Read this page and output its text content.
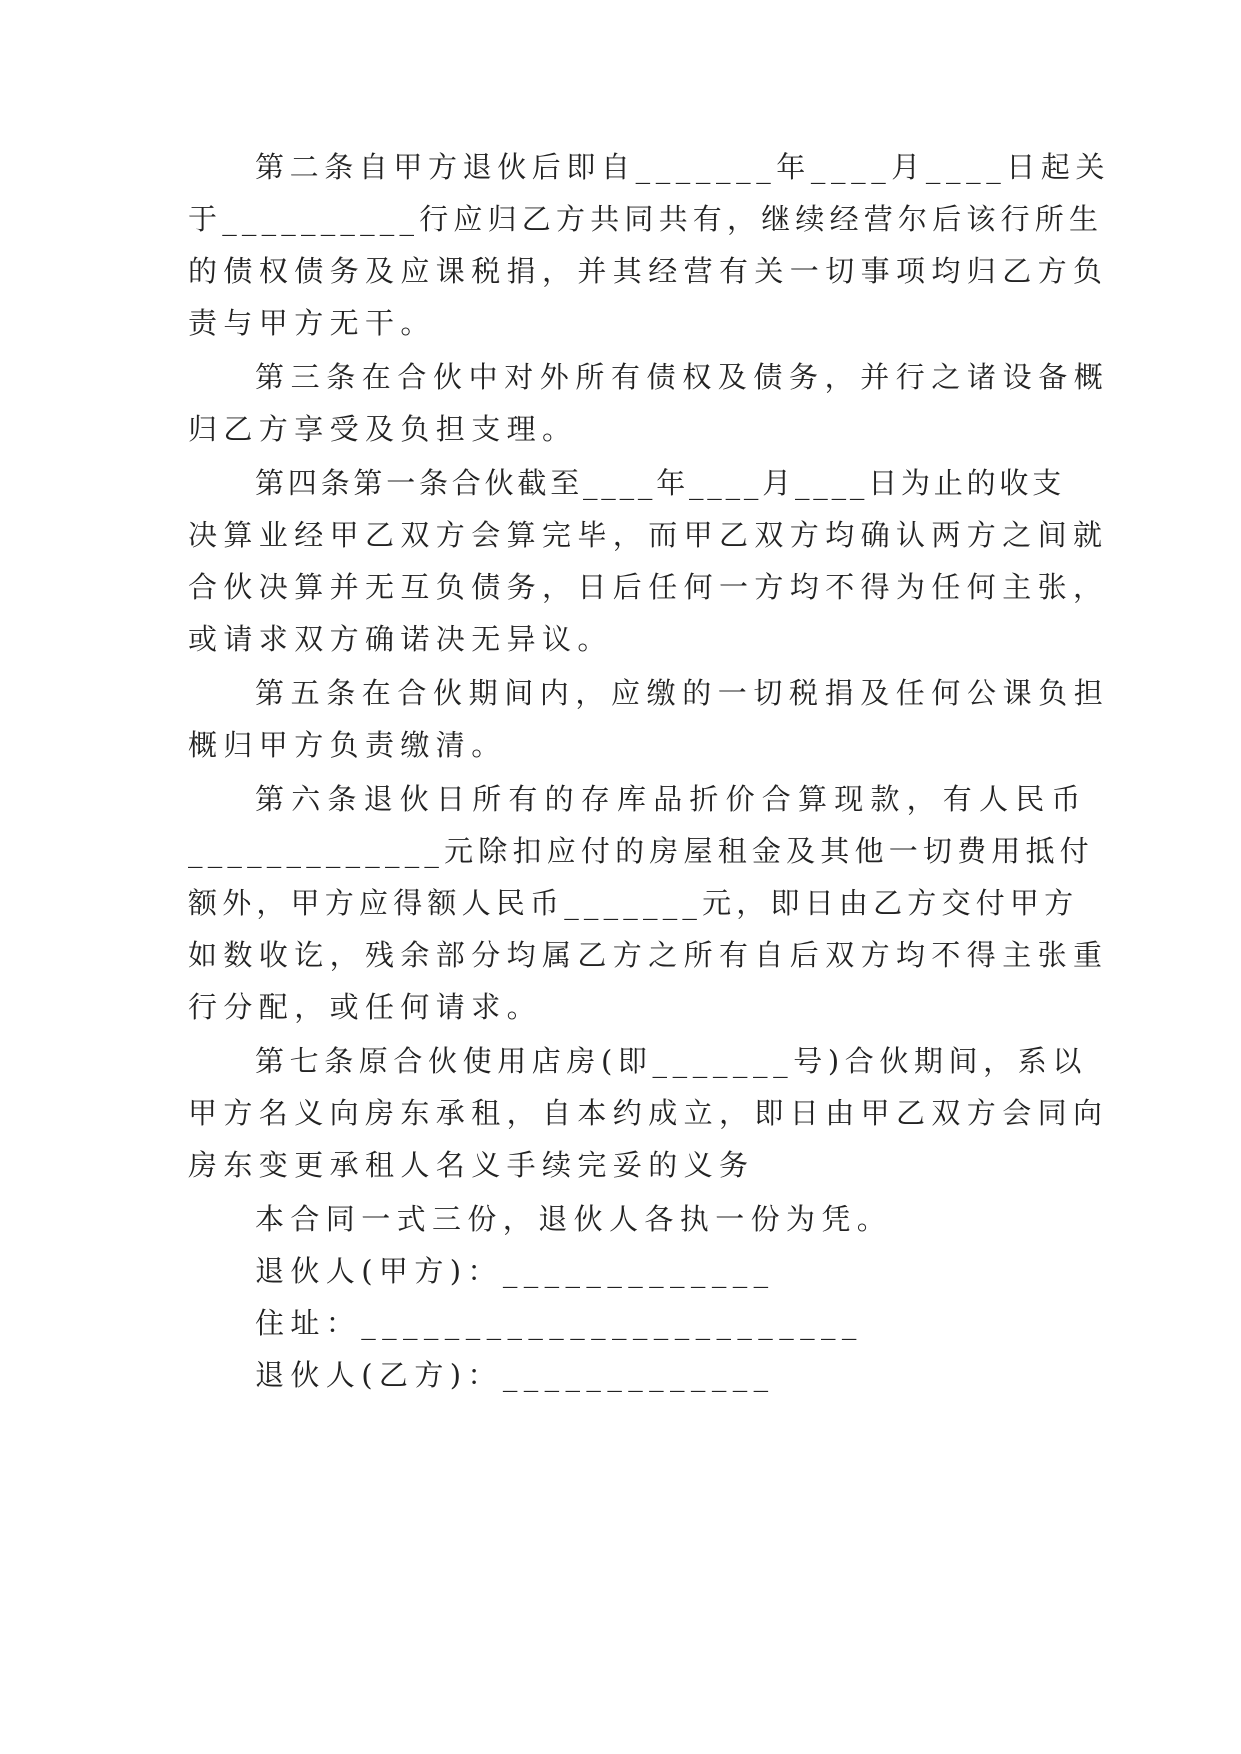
第二条自甲方退伙后即自_______年____月____日起关
于__________行应归乙方共同共有，继续经营尔后该行所生
的债权债务及应课税捐，并其经营有关一切事项均归乙方负
责与甲方无干。
第三条在合伙中对外所有债权及债务，并行之诸设备概
归乙方享受及负担支理。
第四条第一条合伙截至____年____月____日为止的收支
决算业经甲乙双方会算完毕，而甲乙双方均确认两方之间就
合伙决算并无互负债务，日后任何一方均不得为任何主张，
或请求双方确诺决无异议。
第五条在合伙期间内，应缴的一切税捐及任何公课负担
概归甲方负责缴清。
第六条退伙日所有的存库品折价合算现款，有人民币
_____________元除扣应付的房屋租金及其他一切费用抵付
额外，甲方应得额人民币_______元，即日由乙方交付甲方
如数收讫，残余部分均属乙方之所有自后双方均不得主张重
行分配，或任何请求。
第七条原合伙使用店房(即_______号)合伙期间，系以
甲方名义向房东承租，自本约成立，即日由甲乙双方会同向
房东变更承租人名义手续完妥的义务
本合同一式三份，退伙人各执一份为凭。
退伙人(甲方)：_____________
住址：________________________
退伙人(乙方)：_____________
